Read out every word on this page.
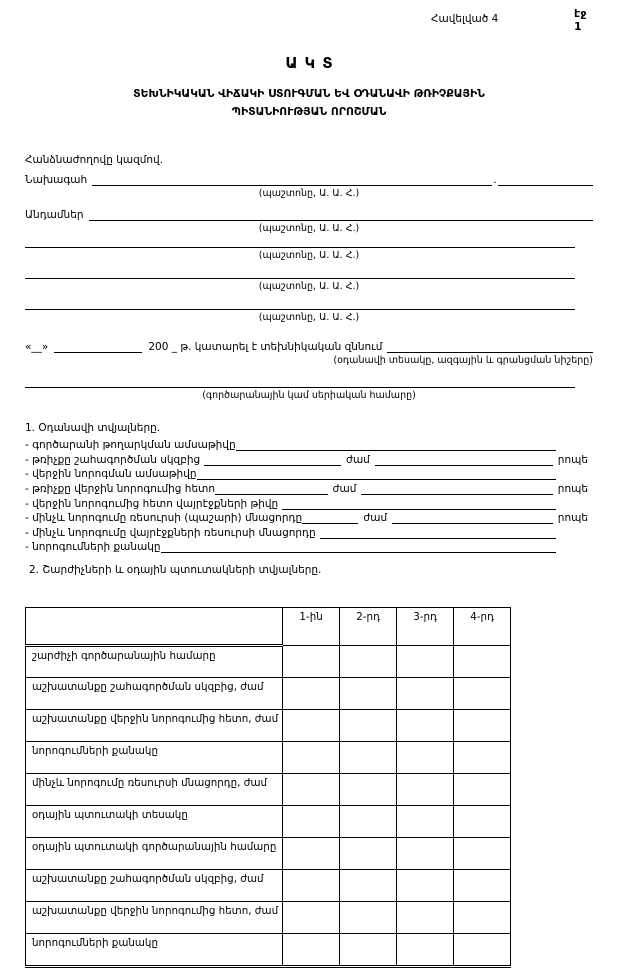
Հավելված 4	էջ 1
ԱԿՏ
ՏԵԽՆԻԿԱԿԱՆ ՎԻՃԱԿԻ ՍՏՈՒԳՄԱՆ ԵՎ ՕԴԱՆԱՎԻ ԹՌԻՉՔԱՅԻՆ
ՊԻՏԱՆԻՈՒԹՅԱՆ ՈՐՈՇՄԱՆ
Հանձնաժողովը կազմով.
Նախագահ	.
(պաշտոնը, Ա. Ա. Հ.)
Անդամներ
(պաշտոնը, Ա. Ա. Հ.)
(պաշտոնը, Ա. Ա. Հ.)
(պաշտոնը, Ա. Ա. Հ.)
(պաշտոնը, Ա. Ա. Հ.)
«__»	200 _ թ. կատարել է տեխնիկական զննում
(օդանավի տեսակը, ազգային և գրանցման նիշերը)
(գործարանային կամ սերիական համարը)
1. Օդանավի տվյալները.
- գործարանի թողարկման ամսաթիվը
- թռիչքը շահագործման սկզբից	ժամ	րոպե
- վերջին նորոգման ամսաթիվը
- թռիչքը վերջին նորոգումից հետո	ժամ	րոպե
- վերջին նորոգումից հետո վայրէջքների թիվը
- մինչև նորոգումը ռեսուրսի (պաշարի) մնացորդը	ժամ	րոպե
- մինչև նորոգումը վայրէջքների ռեսուրսի մնացորդը
- նորոգումների քանակը
2. Շարժիչների և օդային պտուտակների տվյալները.
	1-ին	2-րդ	3-րդ	4-րդ
շարժիչի գործարանային համարը				
աշխատանքը շահագործման սկզբից, ժամ				
աշխատանքը վերջին նորոգումից հետո, ժամ				
նորոգումների քանակը				
մինչև նորոգումը ռեսուրսի մնացորդը, ժամ				
օդային պտուտակի տեսակը				
օդային պտուտակի գործարանային համարը				
աշխատանքը շահագործման սկզբից, ժամ				
աշխատանքը վերջին նորոգումից հետո, ժամ				
նորոգումների քանակը				
